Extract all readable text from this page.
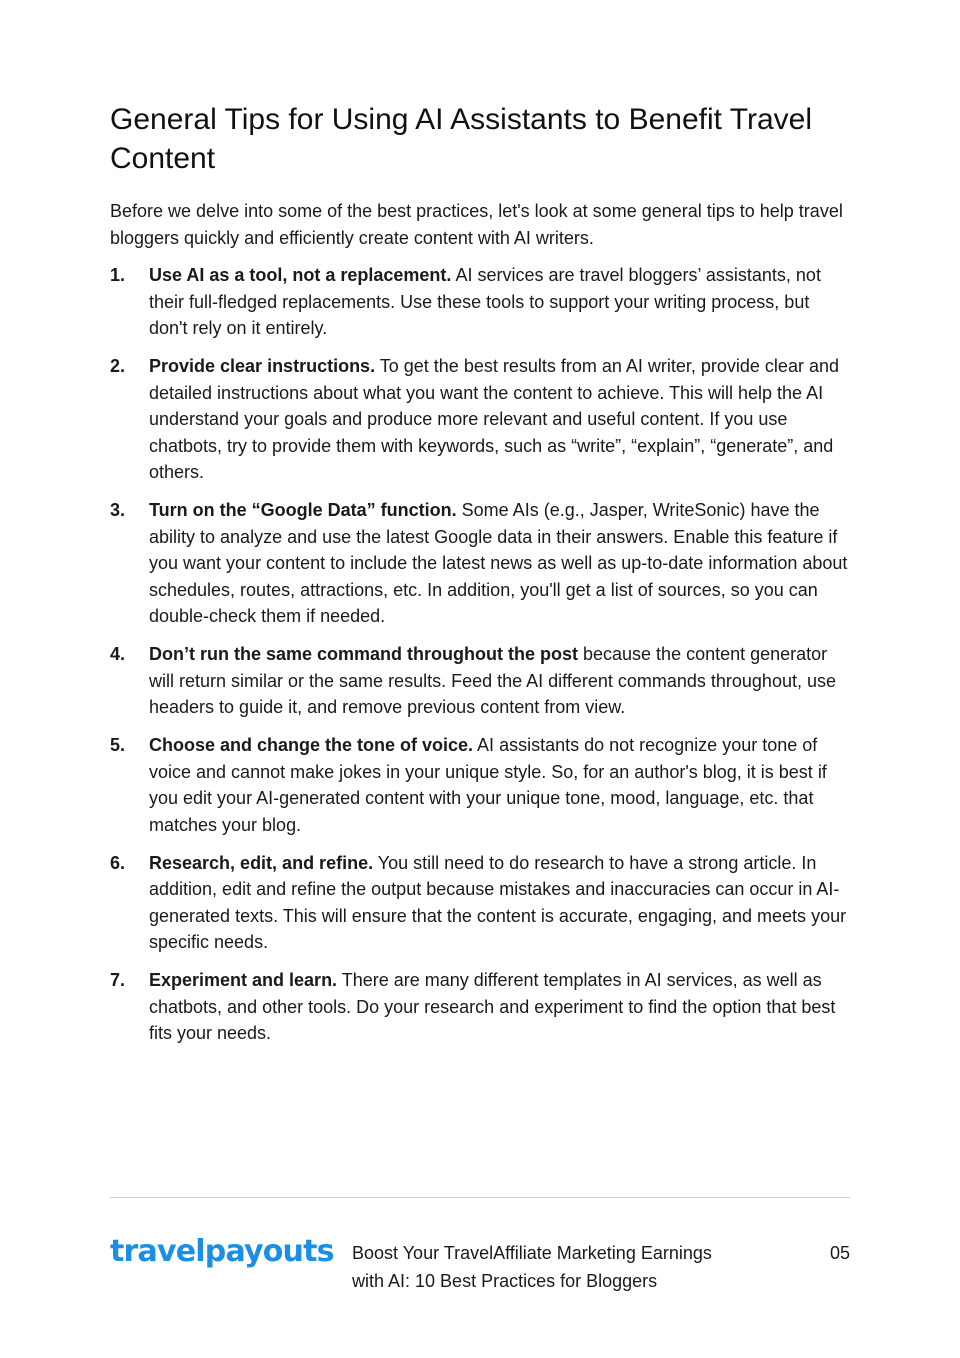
General Tips for Using AI Assistants to Benefit Travel Content

Before we delve into some of the best practices, let's look at some general tips to help travel bloggers quickly and efficiently create content with AI writers.

1. Use AI as a tool, not a replacement. AI services are travel bloggers’ assistants, not their full-fledged replacements. Use these tools to support your writing process, but don't rely on it entirely.
2. Provide clear instructions. To get the best results from an AI writer, provide clear and detailed instructions about what you want the content to achieve. This will help the AI understand your goals and produce more relevant and useful content. If you use chatbots, try to provide them with keywords, such as “write”, “explain”, “generate”, and others.
3. Turn on the “Google Data” function. Some AIs (e.g., Jasper, WriteSonic) have the ability to analyze and use the latest Google data in their answers. Enable this feature if you want your content to include the latest news as well as up-to-date information about schedules, routes, attractions, etc. In addition, you'll get a list of sources, so you can double-check them if needed.
4. Don’t run the same command throughout the post because the content generator will return similar or the same results. Feed the AI different commands throughout, use headers to guide it, and remove previous content from view.
5. Choose and change the tone of voice. AI assistants do not recognize your tone of voice and cannot make jokes in your unique style. So, for an author's blog, it is best if you edit your AI-generated content with your unique tone, mood, language, etc. that matches your blog.
6. Research, edit, and refine. You still need to do research to have a strong article. In addition, edit and refine the output because mistakes and inaccuracies can occur in AI-generated texts. This will ensure that the content is accurate, engaging, and meets your specific needs.
7. Experiment and learn. There are many different templates in AI services, as well as chatbots, and other tools. Do your research and experiment to find the option that best fits your needs.
travelpayouts Boost Your TravelAffiliate Marketing Earnings
with AI: 10 Best Practices for Bloggers
05
